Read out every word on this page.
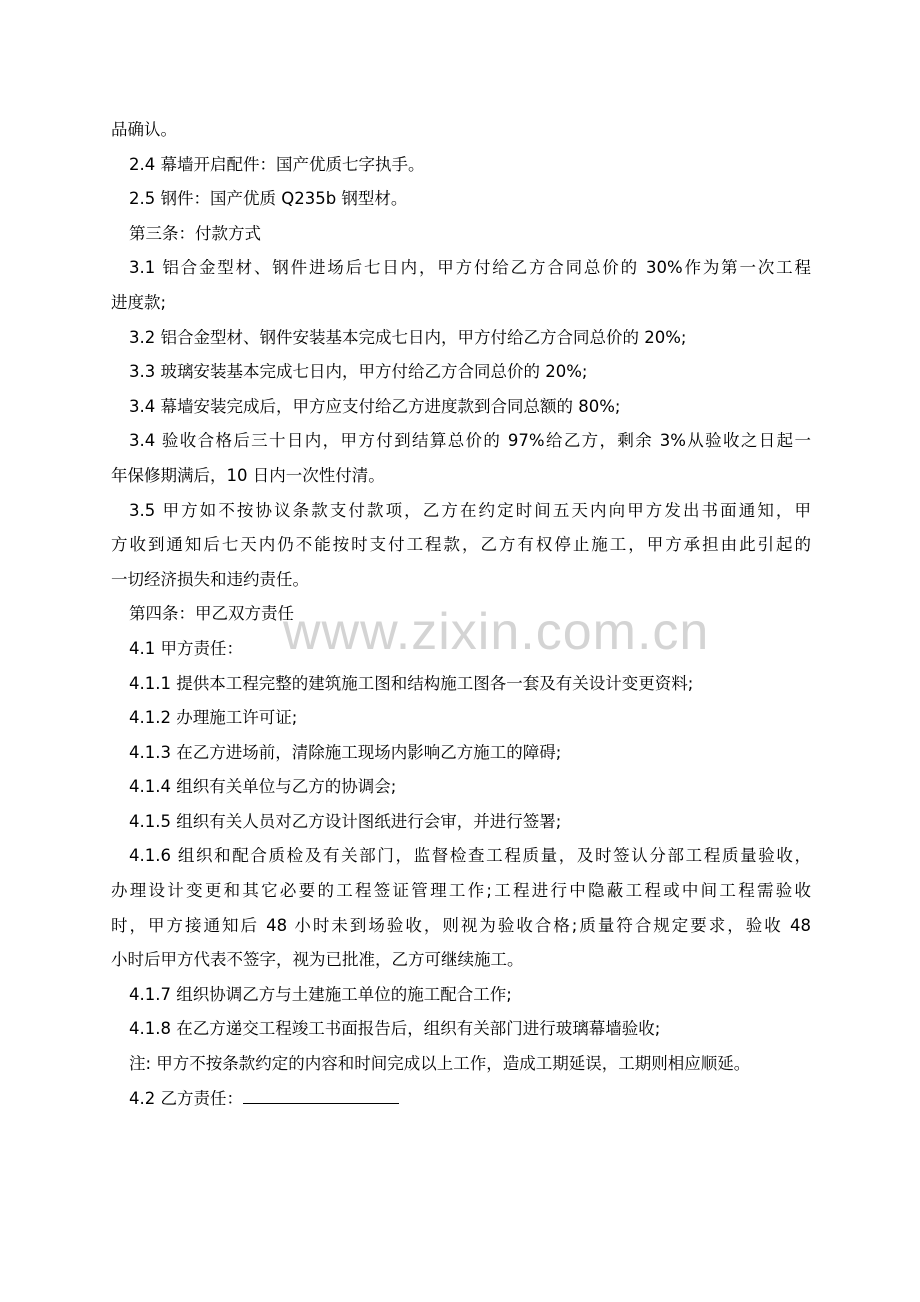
www.zixin.com.cn
品确认。
2.4 幕墙开启配件：国产优质七字执手。
2.5 钢件：国产优质 Q235b 钢型材。
第三条：付款方式
3.1 铝合金型材、钢件进场后七日内，甲方付给乙方合同总价的 30%作为第一次工程
进度款;
3.2 铝合金型材、钢件安装基本完成七日内，甲方付给乙方合同总价的 20%;
3.3 玻璃安装基本完成七日内，甲方付给乙方合同总价的 20%;
3.4 幕墙安装完成后，甲方应支付给乙方进度款到合同总额的 80%;
3.4 验收合格后三十日内，甲方付到结算总价的 97%给乙方，剩余 3%从验收之日起一
年保修期满后，10 日内一次性付清。
3.5 甲方如不按协议条款支付款项，乙方在约定时间五天内向甲方发出书面通知，甲
方收到通知后七天内仍不能按时支付工程款，乙方有权停止施工，甲方承担由此引起的
一切经济损失和违约责任。
第四条：甲乙双方责任
4.1 甲方责任：
4.1.1 提供本工程完整的建筑施工图和结构施工图各一套及有关设计变更资料;
4.1.2 办理施工许可证;
4.1.3 在乙方进场前，清除施工现场内影响乙方施工的障碍;
4.1.4 组织有关单位与乙方的协调会;
4.1.5 组织有关人员对乙方设计图纸进行会审，并进行签署;
4.1.6 组织和配合质检及有关部门，监督检查工程质量，及时签认分部工程质量验收，
办理设计变更和其它必要的工程签证管理工作;工程进行中隐蔽工程或中间工程需验收
时，甲方接通知后 48 小时未到场验收，则视为验收合格;质量符合规定要求，验收 48
小时后甲方代表不签字，视为已批准，乙方可继续施工。
4.1.7 组织协调乙方与土建施工单位的施工配合工作;
4.1.8 在乙方递交工程竣工书面报告后，组织有关部门进行玻璃幕墙验收;
注: 甲方不按条款约定的内容和时间完成以上工作，造成工期延误，工期则相应顺延。
4.2 乙方责任：
